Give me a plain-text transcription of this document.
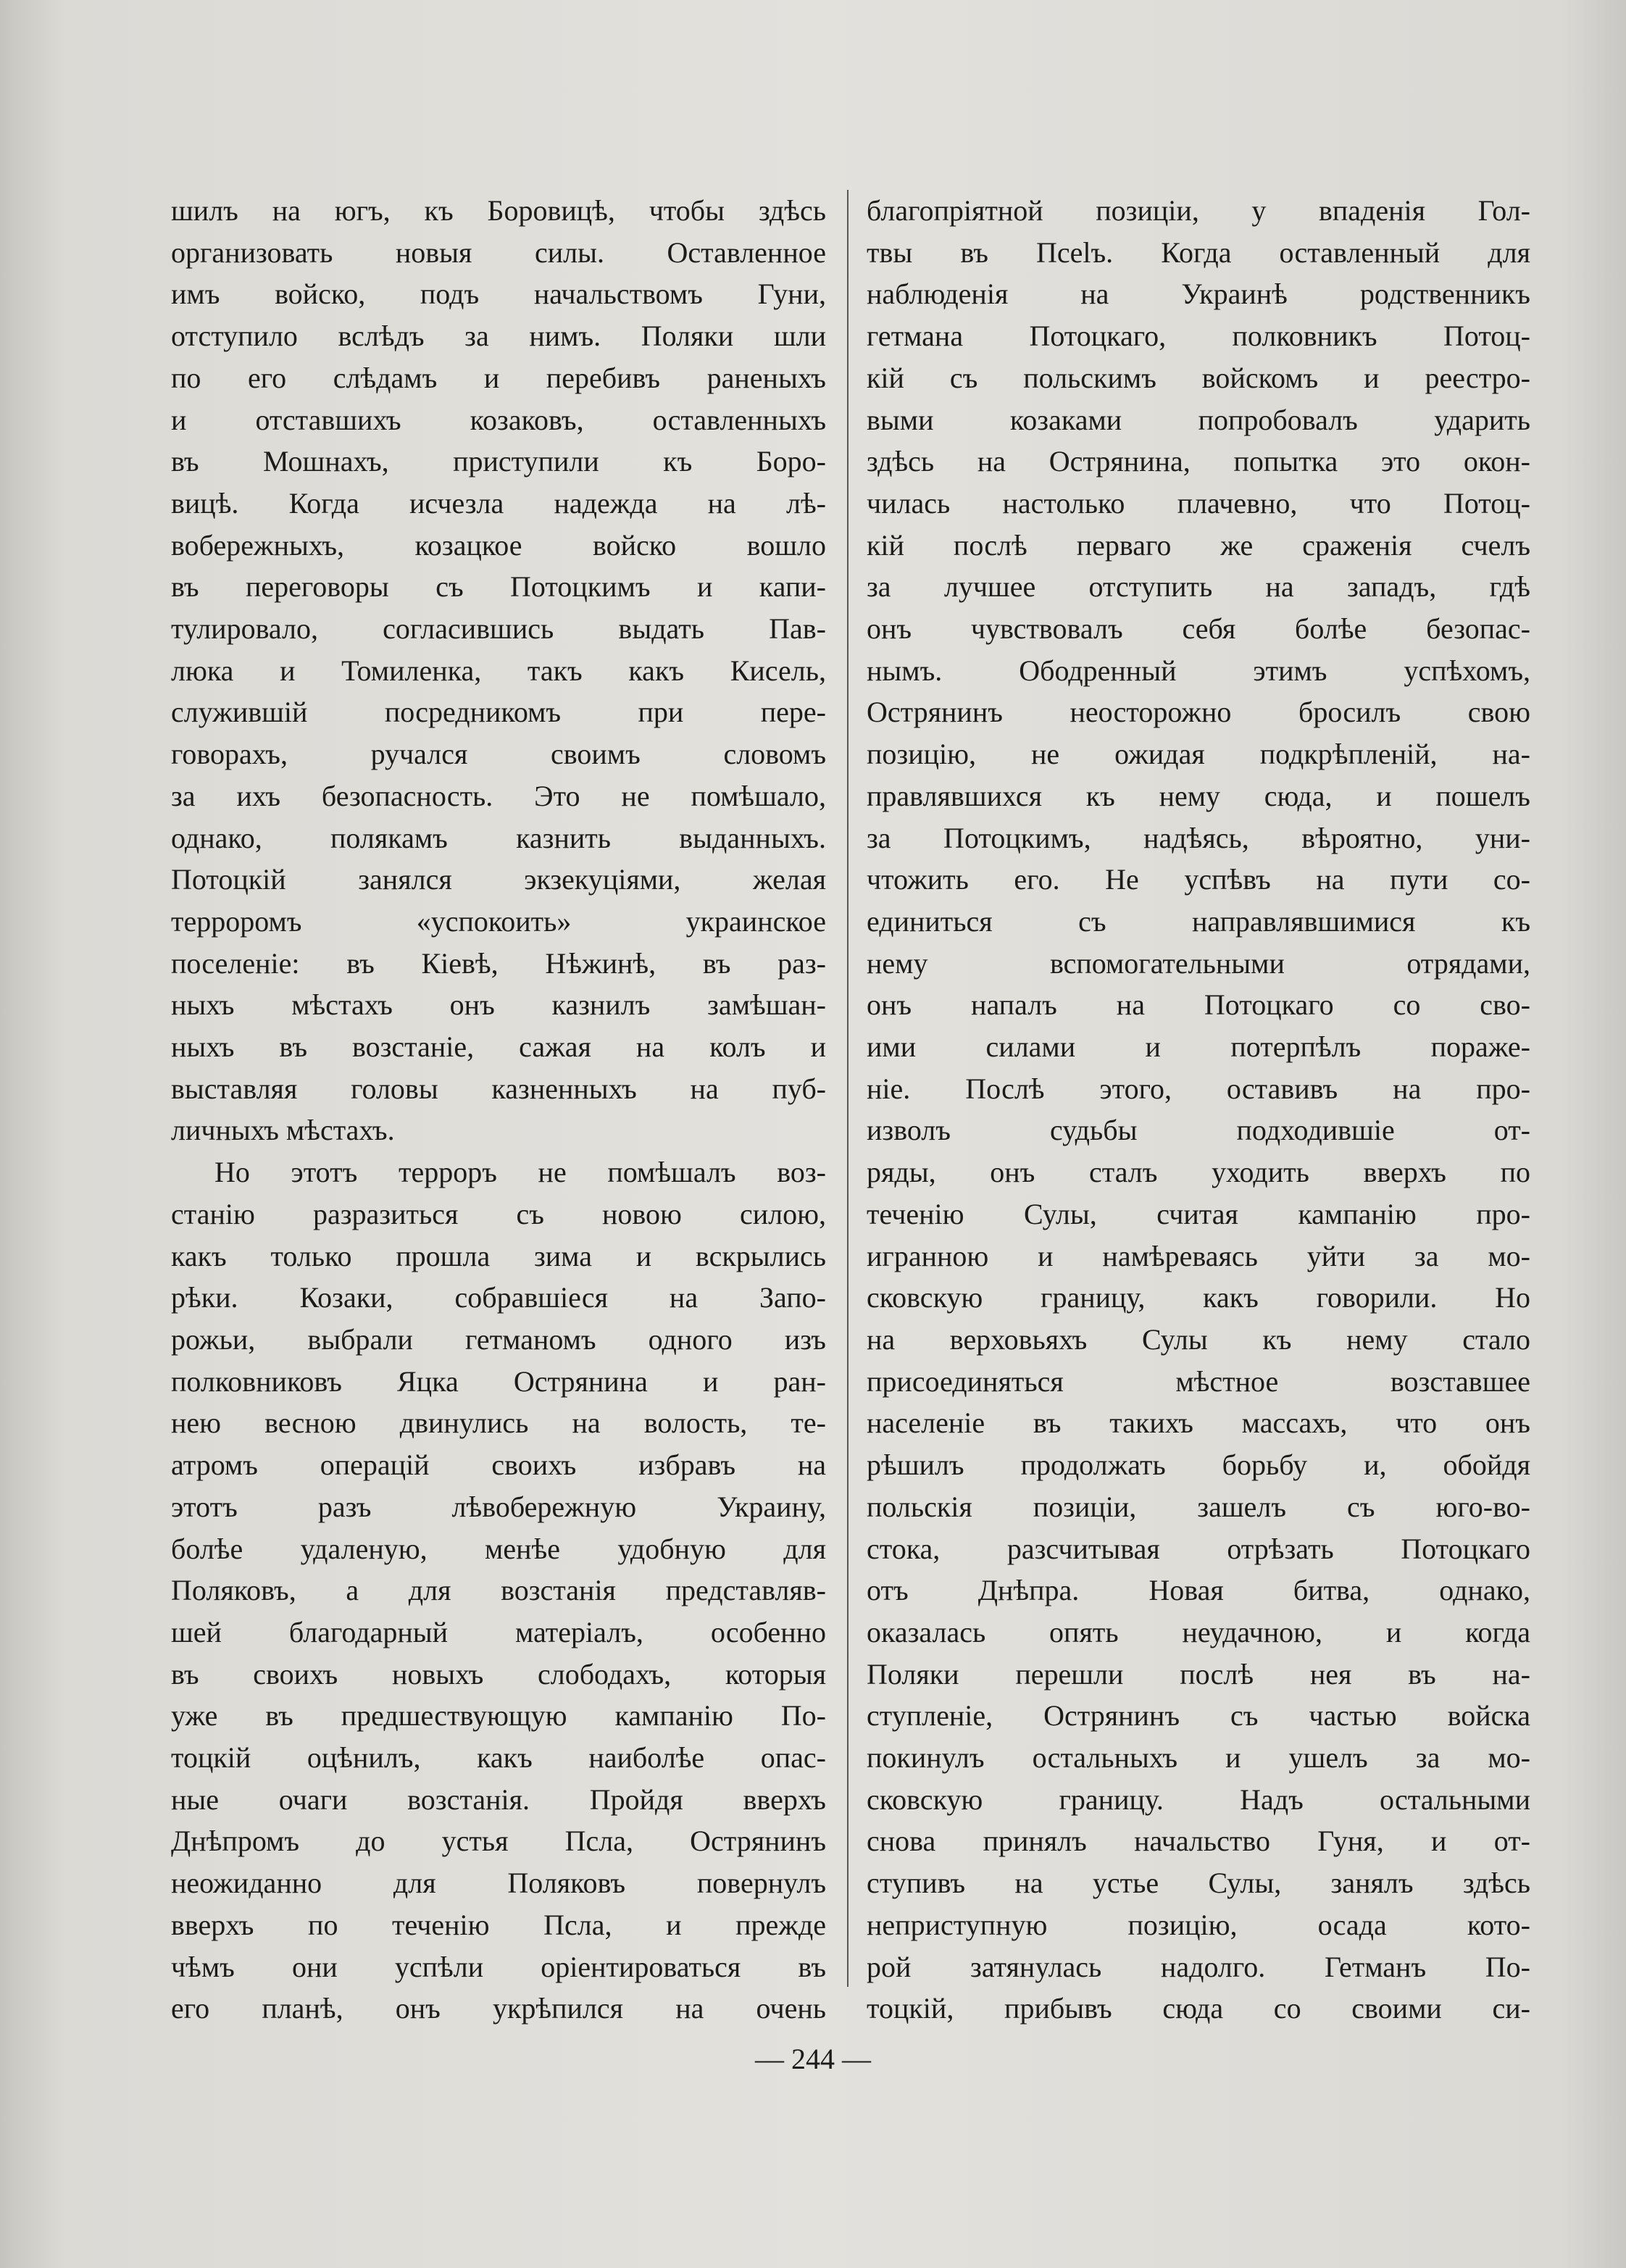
шилъ на югъ, къ Боровицѣ, чтобы здѣсь
организовать новыя силы. Оставленное
имъ войско, подъ начальствомъ Гуни,
отступило вслѣдъ за нимъ. Поляки шли
по его слѣдамъ и перебивъ раненыхъ
и отставшихъ козаковъ, оставленныхъ
въ Мошнахъ, приступили къ Боро-
вицѣ. Когда исчезла надежда на лѣ-
вобережныхъ, козацкое войско вошло
въ переговоры съ Потоцкимъ и капи-
тулировало, согласившись выдать Пав-
люка и Томиленка, такъ какъ Кисель,
служившій посредникомъ при пере-
говорахъ, ручался своимъ словомъ
за ихъ безопасность. Это не помѣшало,
однако, полякамъ казнить выданныхъ.
Потоцкій занялся экзекуціями, желая
терроромъ «успокоить» украинское
поселеніе: въ Кіевѣ, Нѣжинѣ, въ раз-
ныхъ мѣстахъ онъ казнилъ замѣшан-
ныхъ въ возстаніе, сажая на колъ и
выставляя головы казненныхъ на пуб-
личныхъ мѣстахъ.
Но этотъ терроръ не помѣшалъ воз-
станію разразиться съ новою силою,
какъ только прошла зима и вскрылись
рѣки. Козаки, собравшіеся на Запо-
рожьи, выбрали гетманомъ одного изъ
полковниковъ Яцка Острянина и ран-
нею весною двинулись на волость, те-
атромъ операцій своихъ избравъ на
этотъ разъ лѣвобережную Украину,
болѣе удаленую, менѣе удобную для
Поляковъ, а для возстанія представляв-
шей благодарный матеріалъ, особенно
въ своихъ новыхъ слободахъ, которыя
уже въ предшествующую кампанію По-
тоцкій оцѣнилъ, какъ наиболѣе опас-
ные очаги возстанія. Пройдя вверхъ
Днѣпромъ до устья Псла, Острянинъ
неожиданно для Поляковъ повернулъ
вверхъ по теченію Псла, и прежде
чѣмъ они успѣли оріентироваться въ
его планѣ, онъ укрѣпился на очень
благопріятной позиціи, у впаденія Гол-
твы въ Псelъ. Когда оставленный для
наблюденія на Украинѣ родственникъ
гетмана Потоцкаго, полковникъ Потоц-
кій съ польскимъ войскомъ и реестро-
выми козаками попробовалъ ударить
здѣсь на Острянина, попытка это окон-
чилась настолько плачевно, что Потоц-
кій послѣ перваго же сраженія счелъ
за лучшее отступить на западъ, гдѣ
онъ чувствовалъ себя болѣе безопас-
нымъ. Ободренный этимъ успѣхомъ,
Острянинъ неосторожно бросилъ свою
позицію, не ожидая подкрѣпленій, на-
правлявшихся къ нему сюда, и пошелъ
за Потоцкимъ, надѣясь, вѣроятно, уни-
чтожить его. Не успѣвъ на пути со-
единиться съ направлявшимися къ
нему вспомогательными отрядами,
онъ напалъ на Потоцкаго со сво-
ими силами и потерпѣлъ пораже-
ніе. Послѣ этого, оставивъ на про-
изволъ судьбы подходившіе от-
ряды, онъ сталъ уходить вверхъ по
теченію Сулы, считая кампанію про-
игранною и намѣреваясь уйти за мо-
сковскую границу, какъ говорили. Но
на верховьяхъ Сулы къ нему стало
присоединяться мѣстное возставшее
населеніе въ такихъ массахъ, что онъ
рѣшилъ продолжать борьбу и, обойдя
польскія позиціи, зашелъ съ юго-во-
стока, разсчитывая отрѣзать Потоцкаго
отъ Днѣпра. Новая битва, однако,
оказалась опять неудачною, и когда
Поляки перешли послѣ нея въ на-
ступленіе, Острянинъ съ частью войска
покинулъ остальныхъ и ушелъ за мо-
сковскую границу. Надъ остальными
снова принялъ начальство Гуня, и от-
ступивъ на устье Сулы, занялъ здѣсь
неприступную позицію, осада кото-
рой затянулась надолго. Гетманъ По-
тоцкій, прибывъ сюда со своими си-
— 244 —
